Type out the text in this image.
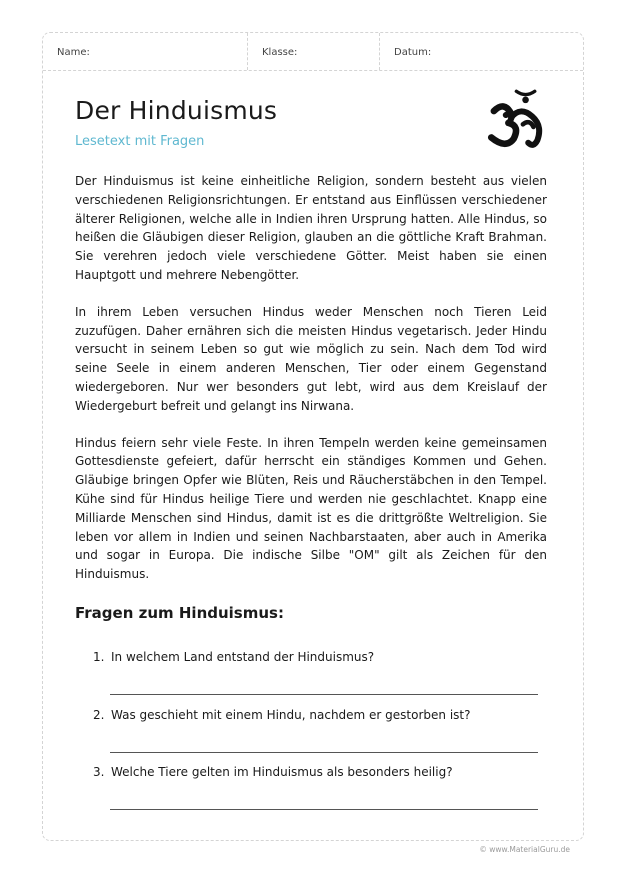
Name:	Klasse:	Datum:
Der Hinduismus
Lesetext mit Fragen

Der Hinduismus ist keine einheitliche Religion, sondern besteht aus vielen verschiedenen Religionsrichtungen. Er entstand aus Einflüssen verschiedener älterer Religionen, welche alle in Indien ihren Ursprung hatten. Alle Hindus, so heißen die Gläubigen dieser Religion, glauben an die göttliche Kraft Brahman. Sie verehren jedoch viele verschiedene Götter. Meist haben sie einen Hauptgott und mehrere Nebengötter.

In ihrem Leben versuchen Hindus weder Menschen noch Tieren Leid zuzufügen. Daher ernähren sich die meisten Hindus vegetarisch. Jeder Hindu versucht in seinem Leben so gut wie möglich zu sein. Nach dem Tod wird seine Seele in einem anderen Menschen, Tier oder einem Gegenstand wiedergeboren. Nur wer besonders gut lebt, wird aus dem Kreislauf der Wiedergeburt befreit und gelangt ins Nirwana.

Hindus feiern sehr viele Feste. In ihren Tempeln werden keine gemeinsamen Gottesdienste gefeiert, dafür herrscht ein ständiges Kommen und Gehen. Gläubige bringen Opfer wie Blüten, Reis und Räucherstäbchen in den Tempel. Kühe sind für Hindus heilige Tiere und werden nie geschlachtet. Knapp eine Milliarde Menschen sind Hindus, damit ist es die drittgrößte Weltreligion. Sie leben vor allem in Indien und seinen Nachbarstaaten, aber auch in Amerika und sogar in Europa. Die indische Silbe "OM" gilt als Zeichen für den Hinduismus.

Fragen zum Hinduismus:
1. In welchem Land entstand der Hinduismus?
2. Was geschieht mit einem Hindu, nachdem er gestorben ist?
3. Welche Tiere gelten im Hinduismus als besonders heilig?
© www.MaterialGuru.de
